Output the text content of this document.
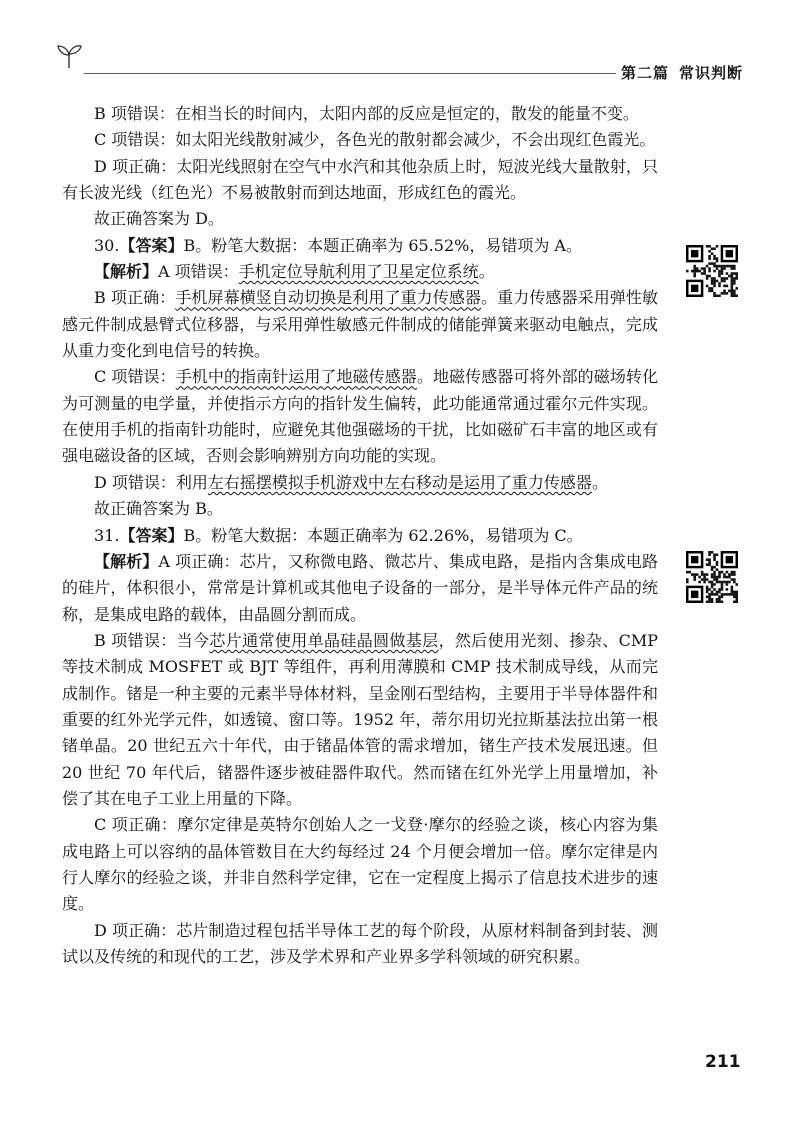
第二篇 常识判断

B 项错误：在相当长的时间内，太阳内部的反应是恒定的，散发的能量不变。

C 项错误：如太阳光线散射减少，各色光的散射都会减少，不会出现红色霞光。

D 项正确：太阳光线照射在空气中水汽和其他杂质上时，短波光线大量散射，只有长波光线（红色光）不易被散射而到达地面，形成红色的霞光。

故正确答案为 D。

30.【答案】B。粉笔大数据：本题正确率为 65.52%，易错项为 A。

【解析】A 项错误：手机定位导航利用了卫星定位系统。

B 项正确：手机屏幕横竖自动切换是利用了重力传感器。重力传感器采用弹性敏感元件制成悬臂式位移器，与采用弹性敏感元件制成的储能弹簧来驱动电触点，完成从重力变化到电信号的转换。

C 项错误：手机中的指南针运用了地磁传感器。地磁传感器可将外部的磁场转化为可测量的电学量，并使指示方向的指针发生偏转，此功能通常通过霍尔元件实现。在使用手机的指南针功能时，应避免其他强磁场的干扰，比如磁矿石丰富的地区或有强电磁设备的区域，否则会影响辨别方向功能的实现。

D 项错误：利用左右摇摆模拟手机游戏中左右移动是运用了重力传感器。

故正确答案为 B。

31.【答案】B。粉笔大数据：本题正确率为 62.26%，易错项为 C。

【解析】A 项正确：芯片，又称微电路、微芯片、集成电路，是指内含集成电路的硅片，体积很小，常常是计算机或其他电子设备的一部分，是半导体元件产品的统称，是集成电路的载体，由晶圆分割而成。

B 项错误：当今芯片通常使用单晶硅晶圆做基层，然后使用光刻、掺杂、CMP 等技术制成 MOSFET 或 BJT 等组件，再利用薄膜和 CMP 技术制成导线，从而完成制作。锗是一种主要的元素半导体材料，呈金刚石型结构，主要用于半导体器件和重要的红外光学元件，如透镜、窗口等。1952 年，蒂尔用切光拉斯基法拉出第一根锗单晶。20 世纪五六十年代，由于锗晶体管的需求增加，锗生产技术发展迅速。但 20 世纪 70 年代后，锗器件逐步被硅器件取代。然而锗在红外光学上用量增加，补偿了其在电子工业上用量的下降。

C 项正确：摩尔定律是英特尔创始人之一戈登·摩尔的经验之谈，核心内容为集成电路上可以容纳的晶体管数目在大约每经过 24 个月便会增加一倍。摩尔定律是内行人摩尔的经验之谈，并非自然科学定律，它在一定程度上揭示了信息技术进步的速度。

D 项正确：芯片制造过程包括半导体工艺的每个阶段，从原材料制备到封装、测试以及传统的和现代的工艺，涉及学术界和产业界多学科领域的研究积累。

211
